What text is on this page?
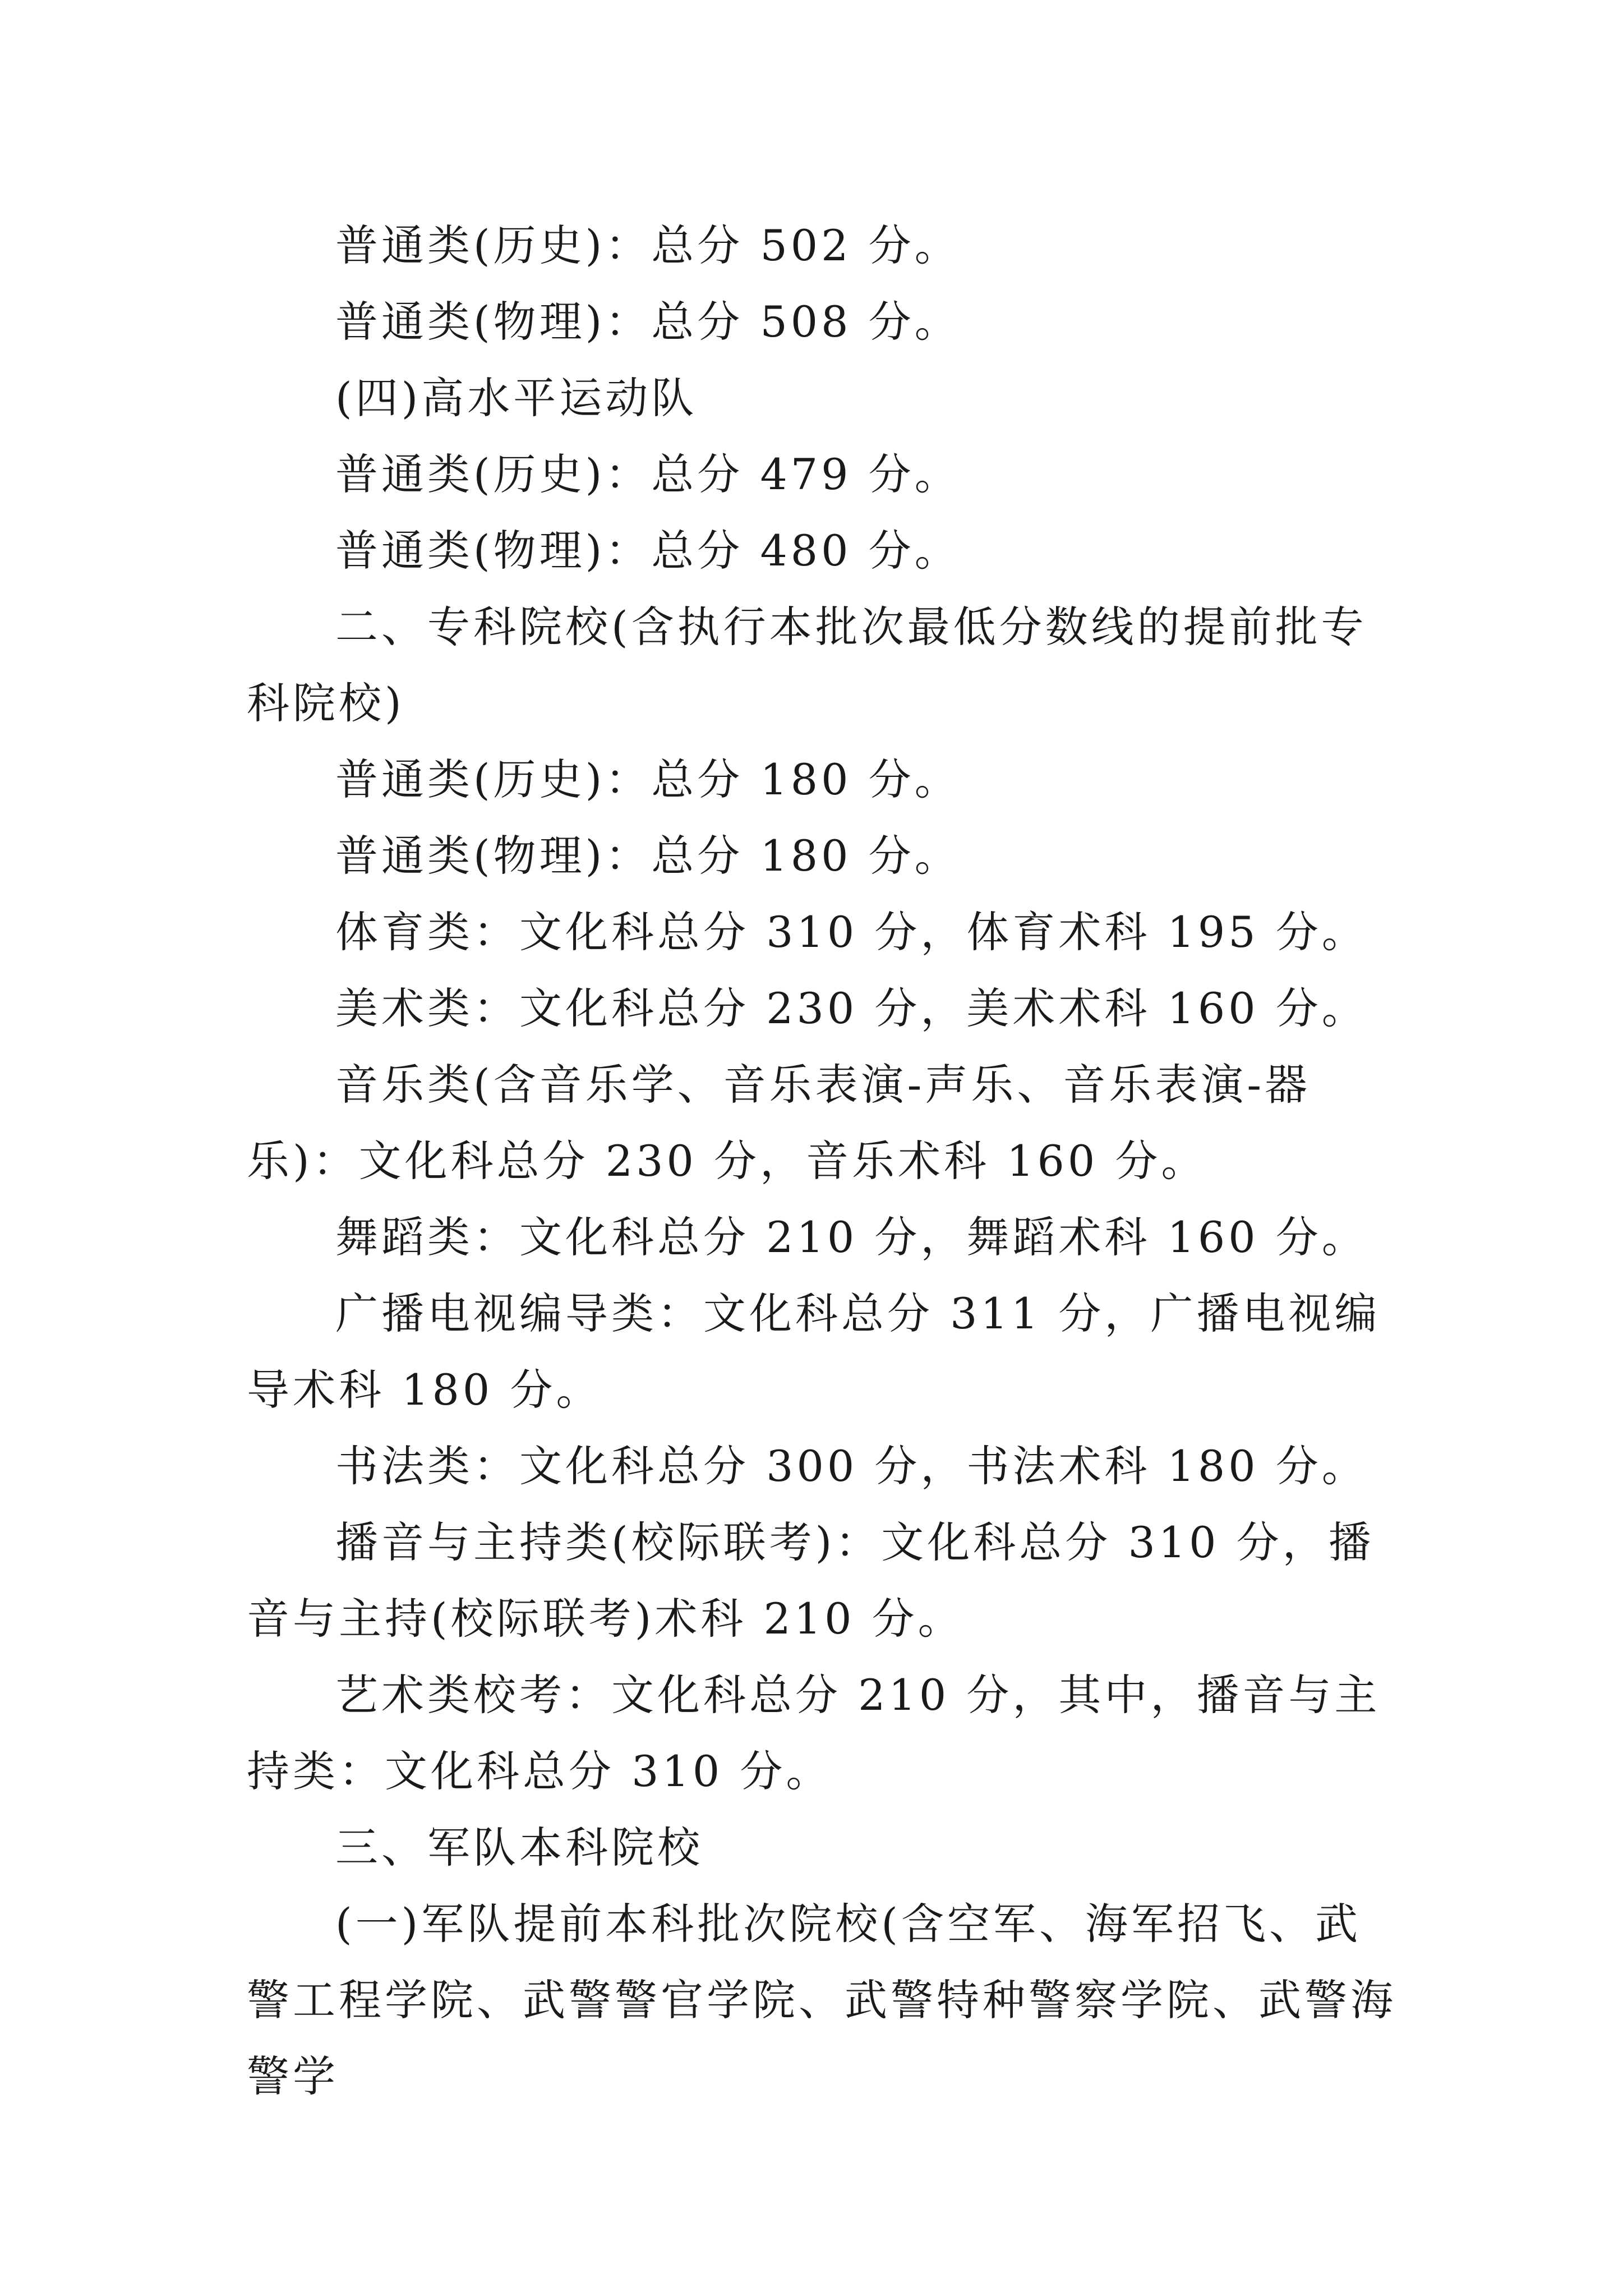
普通类(历史)：总分 502 分。

普通类(物理)：总分 508 分。

(四)高水平运动队

普通类(历史)：总分 479 分。

普通类(物理)：总分 480 分。

二、专科院校(含执行本批次最低分数线的提前批专科院校)

普通类(历史)：总分 180 分。

普通类(物理)：总分 180 分。

体育类：文化科总分 310 分，体育术科 195 分。

美术类：文化科总分 230 分，美术术科 160 分。

音乐类(含音乐学、音乐表演-声乐、音乐表演-器乐)：文化科总分 230 分，音乐术科 160 分。

舞蹈类：文化科总分 210 分，舞蹈术科 160 分。

广播电视编导类：文化科总分 311 分，广播电视编导术科 180 分。

书法类：文化科总分 300 分，书法术科 180 分。

播音与主持类(校际联考)：文化科总分 310 分，播音与主持(校际联考)术科 210 分。

艺术类校考：文化科总分 210 分，其中，播音与主持类：文化科总分 310 分。

三、军队本科院校

(一)军队提前本科批次院校(含空军、海军招飞、武警工程学院、武警警官学院、武警特种警察学院、武警海警学
